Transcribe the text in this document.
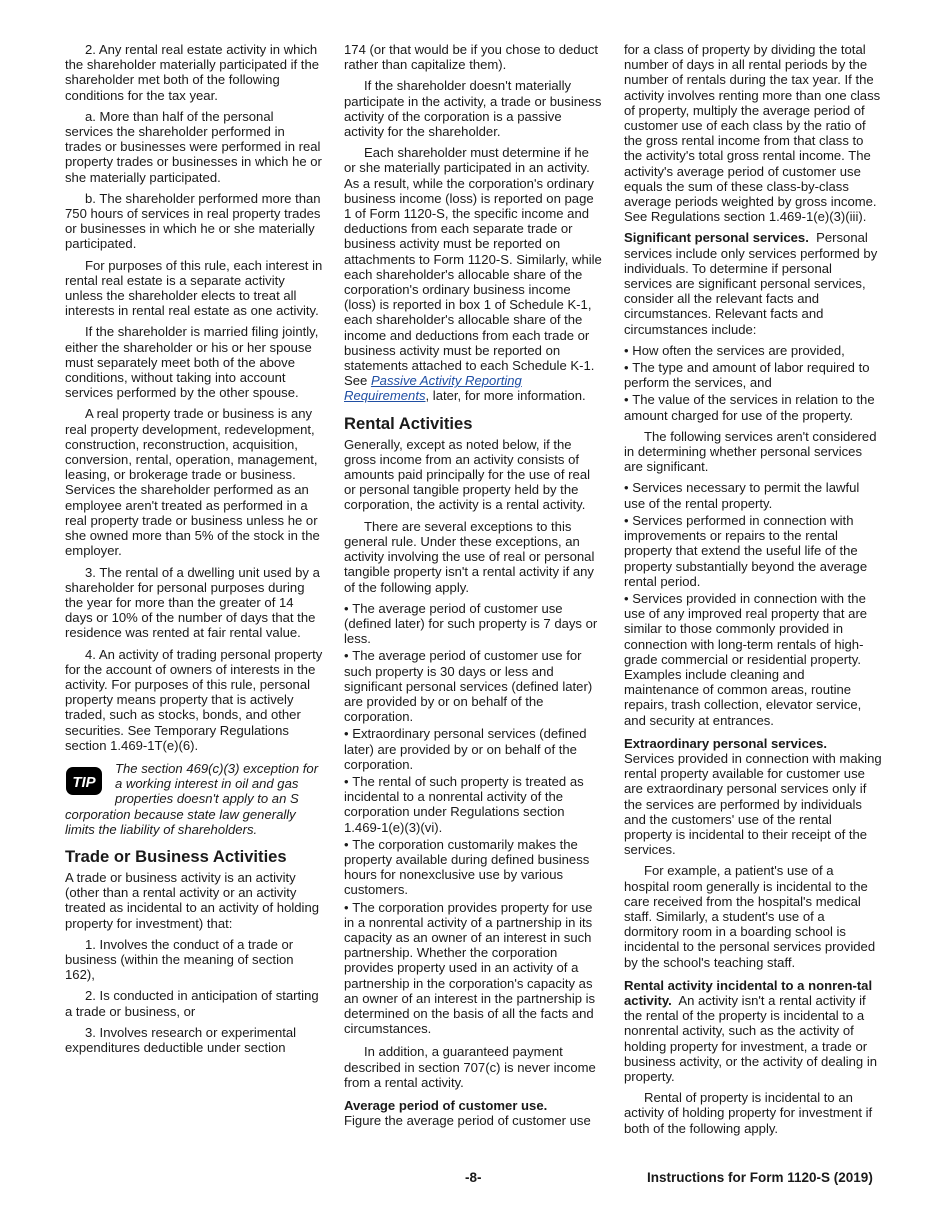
2. Any rental real estate activity in which the shareholder materially participated if the shareholder met both of the following conditions for the tax year.

a. More than half of the personal services the shareholder performed in trades or businesses were performed in real property trades or businesses in which he or she materially participated.

b. The shareholder performed more than 750 hours of services in real property trades or businesses in which he or she materially participated.

For purposes of this rule, each interest in rental real estate is a separate activity unless the shareholder elects to treat all interests in rental real estate as one activity.

If the shareholder is married filing jointly, either the shareholder or his or her spouse must separately meet both of the above conditions, without taking into account services performed by the other spouse.

A real property trade or business is any real property development, redevelopment, construction, reconstruction, acquisition, conversion, rental, operation, management, leasing, or brokerage trade or business. Services the shareholder performed as an employee aren't treated as performed in a real property trade or business unless he or she owned more than 5% of the stock in the employer.

3. The rental of a dwelling unit used by a shareholder for personal purposes during the year for more than the greater of 14 days or 10% of the number of days that the residence was rented at fair rental value.

4. An activity of trading personal property for the account of owners of interests in the activity. For purposes of this rule, personal property means property that is actively traded, such as stocks, bonds, and other securities. See Temporary Regulations section 1.469-1T(e)(6).

TIP
The section 469(c)(3) exception for a working interest in oil and gas properties doesn't apply to an S
corporation because state law generally limits the liability of shareholders.
Trade or Business Activities

A trade or business activity is an activity (other than a rental activity or an activity treated as incidental to an activity of holding property for investment) that:

1. Involves the conduct of a trade or business (within the meaning of section 162),

2. Is conducted in anticipation of starting a trade or business, or

3. Involves research or experimental expenditures deductible under section

174 (or that would be if you chose to deduct rather than capitalize them).

If the shareholder doesn't materially participate in the activity, a trade or business activity of the corporation is a passive activity for the shareholder.

Each shareholder must determine if he or she materially participated in an activity. As a result, while the corporation's ordinary business income (loss) is reported on page 1 of Form 1120-S, the specific income and deductions from each separate trade or business activity must be reported on attachments to Form 1120-S. Similarly, while each shareholder's allocable share of the corporation's ordinary business income (loss) is reported in box 1 of Schedule K-1, each shareholder's allocable share of the income and deductions from each trade or business activity must be reported on statements attached to each Schedule K-1. See Passive Activity Reporting Requirements, later, for more information.

Rental Activities

Generally, except as noted below, if the gross income from an activity consists of amounts paid principally for the use of real or personal tangible property held by the corporation, the activity is a rental activity.

There are several exceptions to this general rule. Under these exceptions, an activity involving the use of real or personal tangible property isn't a rental activity if any of the following apply.

• The average period of customer use (defined later) for such property is 7 days or less.

• The average period of customer use for such property is 30 days or less and significant personal services (defined later) are provided by or on behalf of the corporation.

• Extraordinary personal services (defined later) are provided by or on behalf of the corporation.

• The rental of such property is treated as incidental to a nonrental activity of the corporation under Regulations section 1.469-1(e)(3)(vi).

• The corporation customarily makes the property available during defined business hours for nonexclusive use by various customers.

• The corporation provides property for use in a nonrental activity of a partnership in its capacity as an owner of an interest in such partnership. Whether the corporation provides property used in an activity of a partnership in the corporation's capacity as an owner of an interest in the partnership is determined on the basis of all the facts and circumstances.

In addition, a guaranteed payment described in section 707(c) is never income from a rental activity.

Average period of customer use.
Figure the average period of customer use

for a class of property by dividing the total number of days in all rental periods by the number of rentals during the tax year. If the activity involves renting more than one class of property, multiply the average period of customer use of each class by the ratio of the gross rental income from that class to the activity's total gross rental income. The activity's average period of customer use equals the sum of these class-by-class average periods weighted by gross income. See Regulations section 1.469-1(e)(3)(iii).

Significant personal services. Personal services include only services performed by individuals. To determine if personal services are significant personal services, consider all the relevant facts and circumstances. Relevant facts and circumstances include:

• How often the services are provided,

• The type and amount of labor required to perform the services, and

• The value of the services in relation to the amount charged for use of the property.

The following services aren't considered in determining whether personal services are significant.

• Services necessary to permit the lawful use of the rental property.

• Services performed in connection with improvements or repairs to the rental property that extend the useful life of the property substantially beyond the average rental period.

• Services provided in connection with the use of any improved real property that are similar to those commonly provided in connection with long-term rentals of high-grade commercial or residential property. Examples include cleaning and maintenance of common areas, routine repairs, trash collection, elevator service, and security at entrances.

Extraordinary personal services.
Services provided in connection with making rental property available for customer use are extraordinary personal services only if the services are performed by individuals and the customers' use of the rental property is incidental to their receipt of the services.

For example, a patient's use of a hospital room generally is incidental to the care received from the hospital's medical staff. Similarly, a student's use of a dormitory room in a boarding school is incidental to the personal services provided by the school's teaching staff.

Rental activity incidental to a nonren-tal activity. An activity isn't a rental activity if the rental of the property is incidental to a nonrental activity, such as the activity of holding property for investment, a trade or business activity, or the activity of dealing in property.

Rental of property is incidental to an activity of holding property for investment if both of the following apply.

-8-	Instructions for Form 1120-S (2019)
